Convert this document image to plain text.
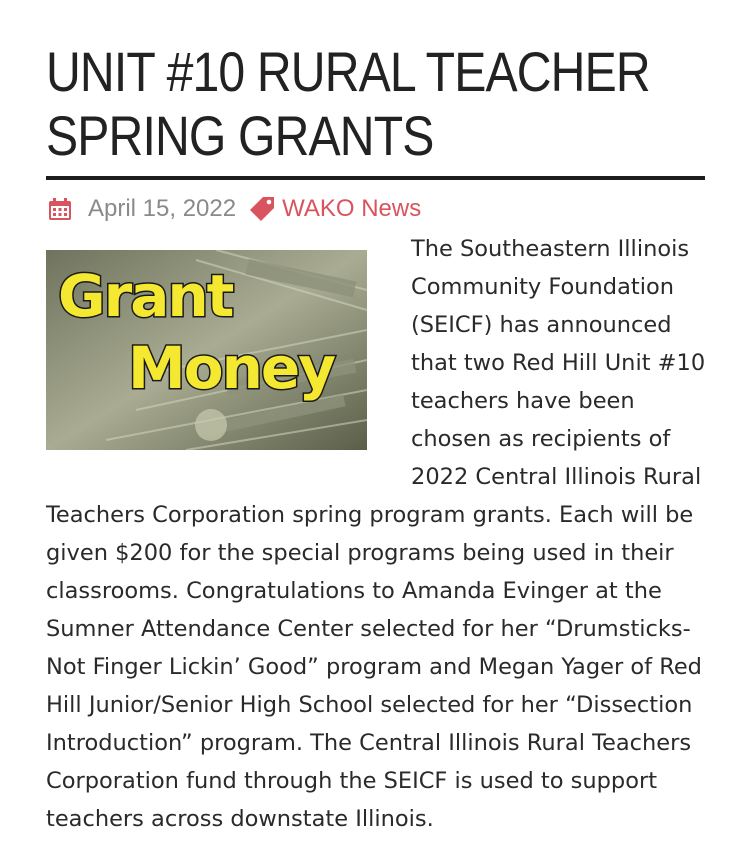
UNIT #10 RURAL TEACHER
SPRING GRANTS
April 15, 2022 WAKO News
Grant
Money

The Southeastern Illinois Community Foundation (SEICF) has announced that two Red Hill Unit #10 teachers have been chosen as recipients of 2022 Central Illinois Rural Teachers Corporation spring program grants. Each will be given $200 for the special programs being used in their classrooms. Congratulations to Amanda Evinger at the Sumner Attendance Center selected for her “Drumsticks-Not Finger Lickin’ Good” program and Megan Yager of Red Hill Junior/Senior High School selected for her “Dissection Introduction” program. The Central Illinois Rural Teachers Corporation fund through the SEICF is used to support teachers across downstate Illinois.
